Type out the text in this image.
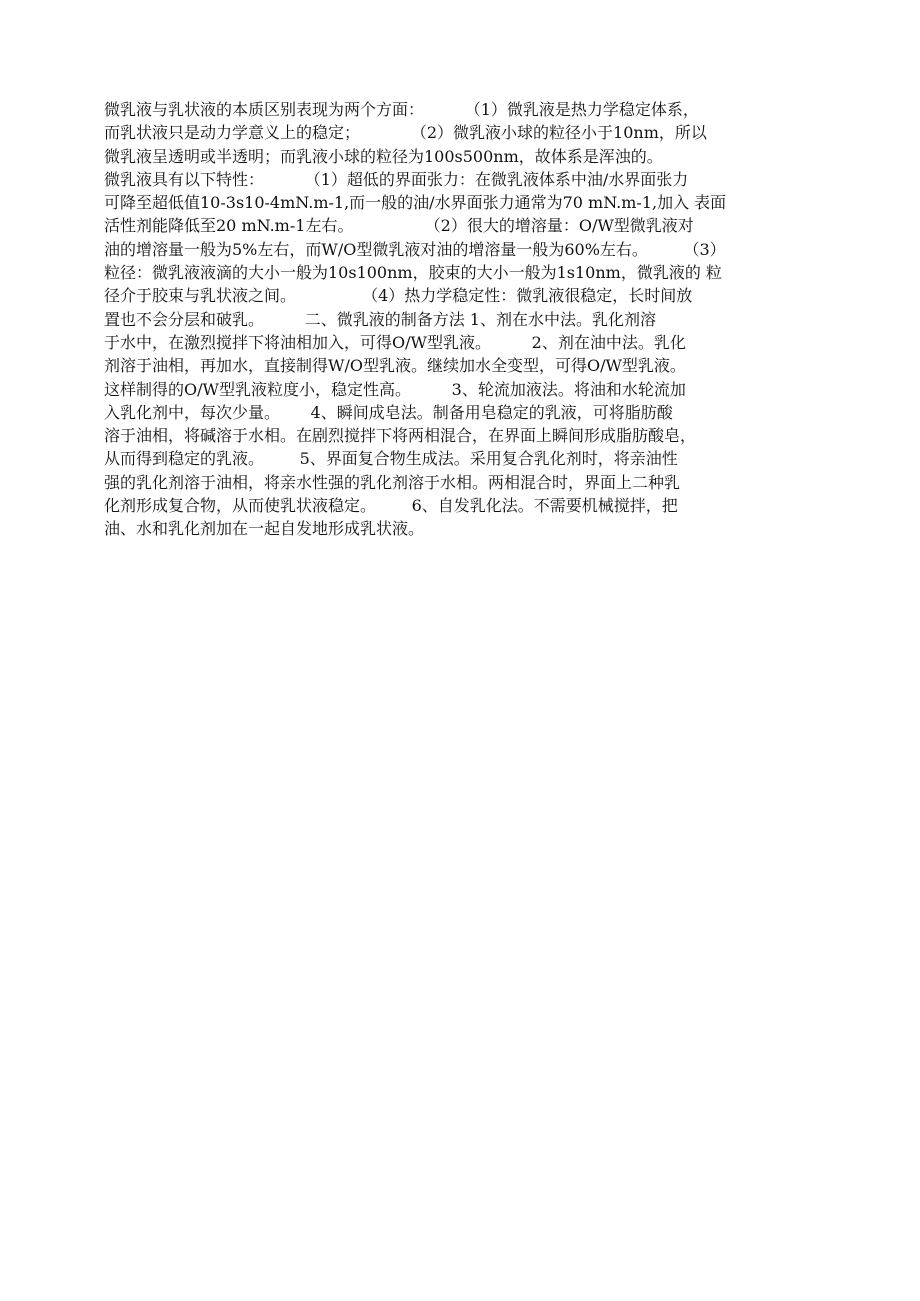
微乳液与乳状液的本质区别表现为两个方面：        （1）微乳液是热力学稳定体系，
而乳状液只是动力学意义上的稳定；          （2）微乳液小球的粒径小于10nm，所以
微乳液呈透明或半透明；而乳液小球的粒径为100s500nm，故体系是浑浊的。
微乳液具有以下特性：        （1）超低的界面张力：在微乳液体系中油/水界面张力
可降至超低值10-3s10-4mN.m-1,而一般的油/水界面张力通常为70 mN.m-1,加入 表面
活性剂能降低至20 mN.m-1左右。              （2）很大的增溶量：O/W型微乳液对
油的增溶量一般为5%左右，而W/O型微乳液对油的增溶量一般为60%左右。       （3）
粒径：微乳液液滴的大小一般为10s100nm，胶束的大小一般为1s10nm，微乳液的 粒
径介于胶束与乳状液之间。             （4）热力学稳定性：微乳液很稳定，长时间放
置也不会分层和破乳。        二、微乳液的制备方法 1、剂在水中法。乳化剂溶
于水中，在激烈搅拌下将油相加入，可得O/W型乳液。        2、剂在油中法。乳化
剂溶于油相，再加水，直接制得W/O型乳液。继续加水全变型，可得O/W型乳液。
这样制得的O/W型乳液粒度小，稳定性高。        3、轮流加液法。将油和水轮流加
入乳化剂中，每次少量。      4、瞬间成皂法。制备用皂稳定的乳液，可将脂肪酸
溶于油相，将碱溶于水相。在剧烈搅拌下将两相混合，在界面上瞬间形成脂肪酸皂，
从而得到稳定的乳液。       5、界面复合物生成法。采用复合乳化剂时，将亲油性
强的乳化剂溶于油相，将亲水性强的乳化剂溶于水相。两相混合时，界面上二种乳
化剂形成复合物，从而使乳状液稳定。       6、自发乳化法。不需要机械搅拌，把
油、水和乳化剂加在一起自发地形成乳状液。
